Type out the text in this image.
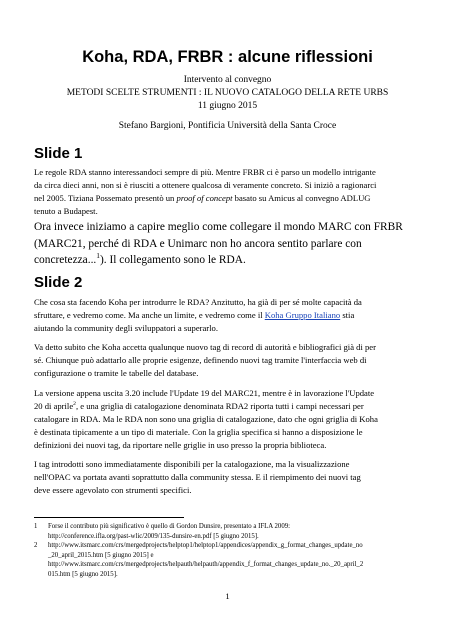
Koha, RDA, FRBR : alcune riflessioni

Intervento al convegno

METODI SCELTE STRUMENTI : IL NUOVO CATALOGO DELLA RETE URBS

11 giugno 2015

Stefano Bargioni, Pontificia Università della Santa Croce

Slide 1
Le regole RDA stanno interessandoci sempre di più. Mentre FRBR ci è parso un modello intrigante
da circa dieci anni, non si è riusciti a ottenere qualcosa di veramente concreto. Si iniziò a ragionarci
nel 2005. Tiziana Possemato presentò un proof of concept basato su Amicus al convegno ADLUG
tenuto a Budapest.
Ora invece iniziamo a capire meglio come collegare il mondo MARC con FRBR
(MARC21, perché di RDA e Unimarc non ho ancora sentito parlare con
concretezza...$^1$). Il collegamento sono le RDA.
Slide 2
Che cosa sta facendo Koha per introdurre le RDA? Anzitutto, ha già di per sé molte capacità da
sfruttare, e vedremo come. Ma anche un limite, e vedremo come il Koha Gruppo Italiano stia
aiutando la community degli sviluppatori a superarlo.
Va detto subito che Koha accetta qualunque nuovo tag di record di autorità e bibliografici già di per
sé. Chiunque può adattarlo alle proprie esigenze, definendo nuovi tag tramite l'interfaccia web di
configurazione o tramite le tabelle del database.
La versione appena uscita 3.20 include l'Update 19 del MARC21, mentre è in lavorazione l'Update
20 di aprile$^2$, e una griglia di catalogazione denominata RDA2 riporta tutti i campi necessari per
catalogare in RDA. Ma le RDA non sono una griglia di catalogazione, dato che ogni griglia di Koha
è destinata tipicamente a un tipo di materiale. Con la griglia specifica si hanno a disposizione le
definizioni dei nuovi tag, da riportare nelle griglie in uso presso la propria biblioteca.
I tag introdotti sono immediatamente disponibili per la catalogazione, ma la visualizzazione
nell'OPAC va portata avanti soprattutto dalla community stessa. E il riempimento dei nuovi tag
deve essere agevolato con strumenti specifici.
1 Forse il contributo più significativo è quello di Gordon Dunsire, presentato a IFLA 2009:
http://conference.ifla.org/past-wlic/2009/135-dunsire-en.pdf [5 giugno 2015].
2 http://www.itsmarc.com/crs/mergedprojects/helptop1/helptop1/appendices/appendix_g_format_changes_update_no
_20_april_2015.htm [5 giugno 2015] e
http://www.itsmarc.com/crs/mergedprojects/helpauth/helpauth/appendix_f_format_changes_update_no._20_april_2
015.htm [5 giugno 2015].
1
